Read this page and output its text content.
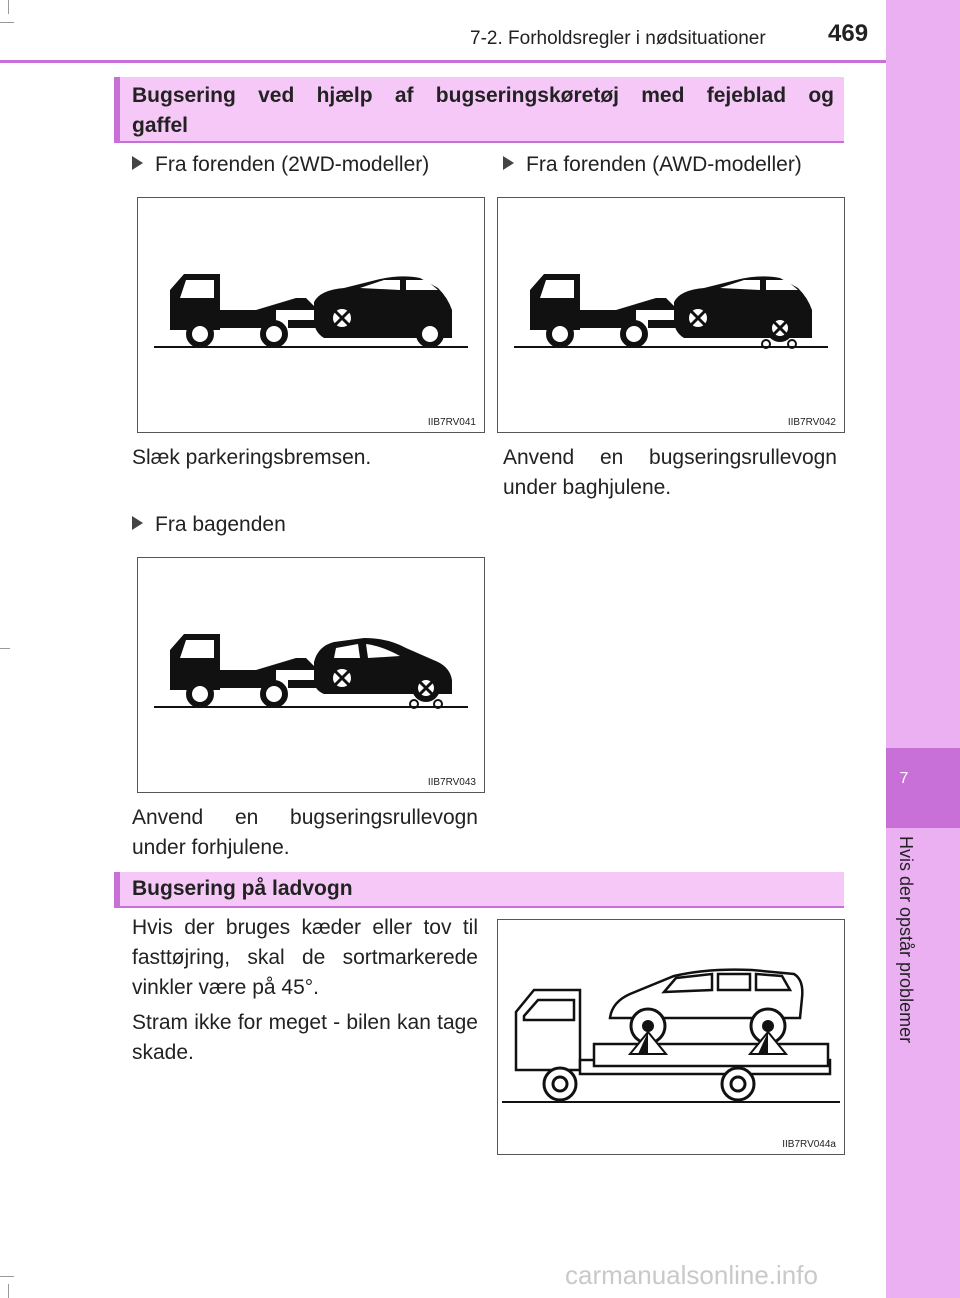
7-2. Forholdsregler i nødsituationer	469
7
Hvis der opstår problemer
Bugsering ved hjælp af bugseringskøretøj med fejeblad og gaffel
Fra forenden (2WD-modeller)	Fra forenden (AWD-modeller)
IIB7RV041	IIB7RV042
Slæk parkeringsbremsen.	Anvend en bugseringsrullevogn under baghjulene.
Fra bagenden
IIB7RV043
Anvend en bugseringsrullevogn under forhjulene.
Bugsering på ladvogn
Hvis der bruges kæder eller tov til fasttøjring, skal de sortmarkerede vinkler være på 45°.
Stram ikke for meget - bilen kan tage skade.
IIB7RV044a
carmanualsonline.info
